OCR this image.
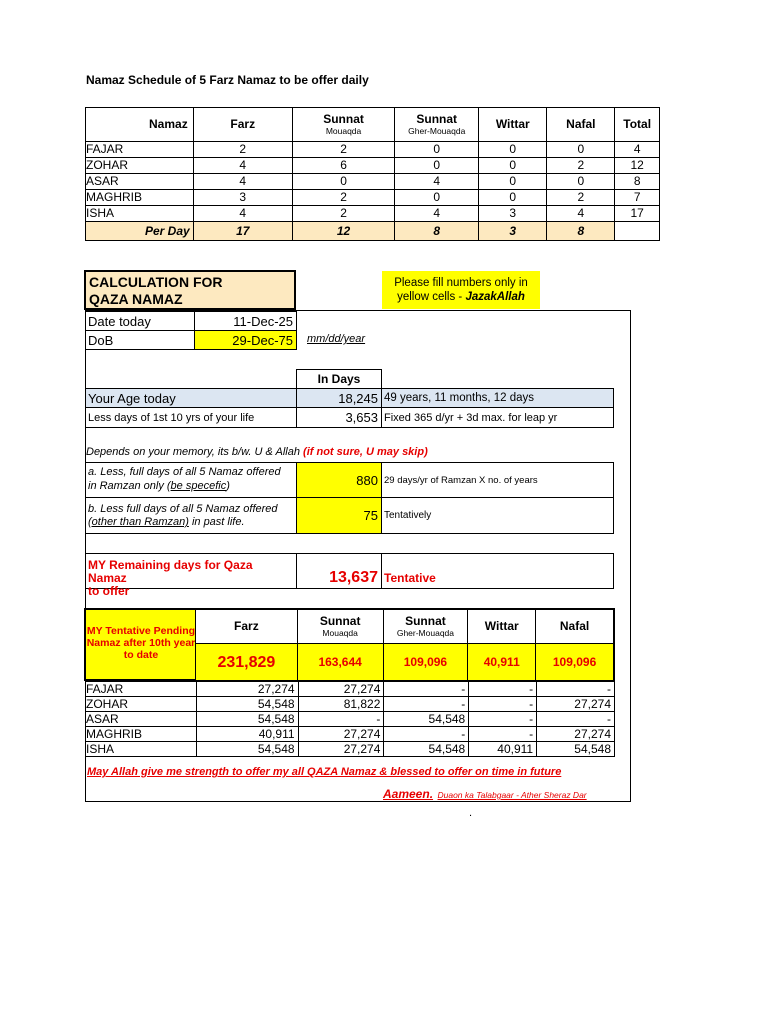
Namaz Schedule of 5 Farz Namaz to be offer daily
Namaz	Farz	Sunnat
Mouaqda	Sunnat
Gher-Mouaqda	Wittar	Nafal	Total
FAJAR	2	2	0	0	0	4
ZOHAR	4	6	0	0	2	12
ASAR	4	0	4	0	0	8
MAGHRIB	3	2	0	0	2	7
ISHA	4	2	4	3	4	17
Per Day	17	12	8	3	8	
CALCULATION FOR
QAZA NAMAZ
Please fill numbers only in
yellow cells - JazakAllah
Date today	11-Dec-25
DoB	29-Dec-75	mm/dd/year
In Days
Your Age today	18,245 49 years, 11 months, 12 days
Less days of 1st 10 yrs of your life	3,653 Fixed 365 d/yr + 3d max. for leap yr
Depends on your memory, its b/w. U & Allah (if not sure, U may skip)
a. Less, full days of all 5 Namaz offered
in Ramzan only (be specefic)	880 29 days/yr of Ramzan X no. of years
b. Less full days of all 5 Namaz offered
(other than Ramzan) in past life.	75 Tentatively
MY Remaining days for Qaza Namaz
to offer
13,637 Tentative
MY Tentative Pending
Namaz after 10th year
to date
Farz	Sunnat
Mouaqda	Sunnat
Gher-Mouaqda	Wittar	Nafal
231,829	163,644	109,096	40,911	109,096
FAJAR	27,274	27,274	-	-	-
ZOHAR	54,548	81,822	-	-	27,274
ASAR	54,548	-	54,548	-	-
MAGHRIB	40,911	27,274	-	-	27,274
ISHA	54,548	27,274	54,548	40,911	54,548
May Allah give me strength to offer my all QAZA Namaz & blessed to offer on time in future
Aameen. Duaon ka Talabgaar - Ather Sheraz Dar
.
